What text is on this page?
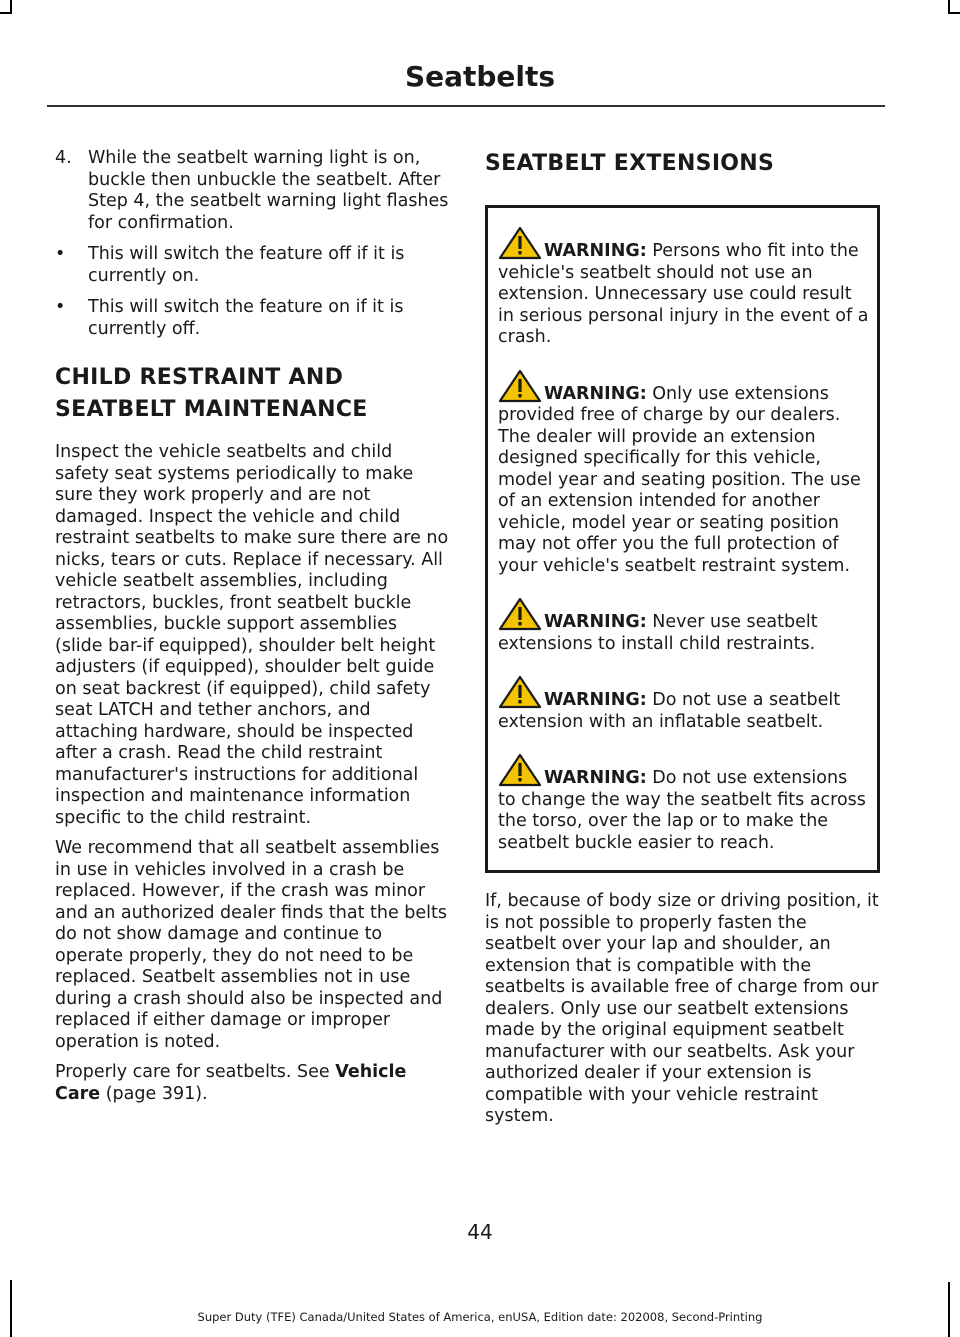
Seatbelts
4. While the seatbelt warning light is on, buckle then unbuckle the seatbelt. After Step 4, the seatbelt warning light flashes for confirmation.
•	This will switch the feature off if it is currently on.
•	This will switch the feature on if it is currently off.
CHILD RESTRAINT AND
SEATBELT MAINTENANCE

Inspect the vehicle seatbelts and child safety seat systems periodically to make sure they work properly and are not damaged. Inspect the vehicle and child restraint seatbelts to make sure there are no nicks, tears or cuts. Replace if necessary. All vehicle seatbelt assemblies, including retractors, buckles, front seatbelt buckle assemblies, buckle support assemblies (slide bar-if equipped), shoulder belt height adjusters (if equipped), shoulder belt guide on seat backrest (if equipped), child safety seat LATCH and tether anchors, and attaching hardware, should be inspected after a crash. Read the child restraint manufacturer's instructions for additional inspection and maintenance information specific to the child restraint.

We recommend that all seatbelt assemblies in use in vehicles involved in a crash be replaced. However, if the crash was minor and an authorized dealer finds that the belts do not show damage and continue to operate properly, they do not need to be replaced. Seatbelt assemblies not in use during a crash should also be inspected and replaced if either damage or improper operation is noted.

Properly care for seatbelts. See Vehicle Care (page 391).

SEATBELT EXTENSIONS
WARNING: Persons who fit into the vehicle's seatbelt should not use an extension. Unnecessary use could result in serious personal injury in the event of a crash.
WARNING: Only use extensions provided free of charge by our dealers. The dealer will provide an extension designed specifically for this vehicle, model year and seating position. The use of an extension intended for another vehicle, model year or seating position may not offer you the full protection of your vehicle's seatbelt restraint system.
WARNING: Never use seatbelt extensions to install child restraints.
WARNING: Do not use a seatbelt extension with an inflatable seatbelt.
WARNING: Do not use extensions to change the way the seatbelt fits across the torso, over the lap or to make the seatbelt buckle easier to reach.

If, because of body size or driving position, it is not possible to properly fasten the seatbelt over your lap and shoulder, an extension that is compatible with the seatbelts is available free of charge from our dealers. Only use our seatbelt extensions made by the original equipment seatbelt manufacturer with our seatbelts. Ask your authorized dealer if your extension is compatible with your vehicle restraint system.

44
Super Duty (TFE) Canada/United States of America, enUSA, Edition date: 202008, Second-Printing
